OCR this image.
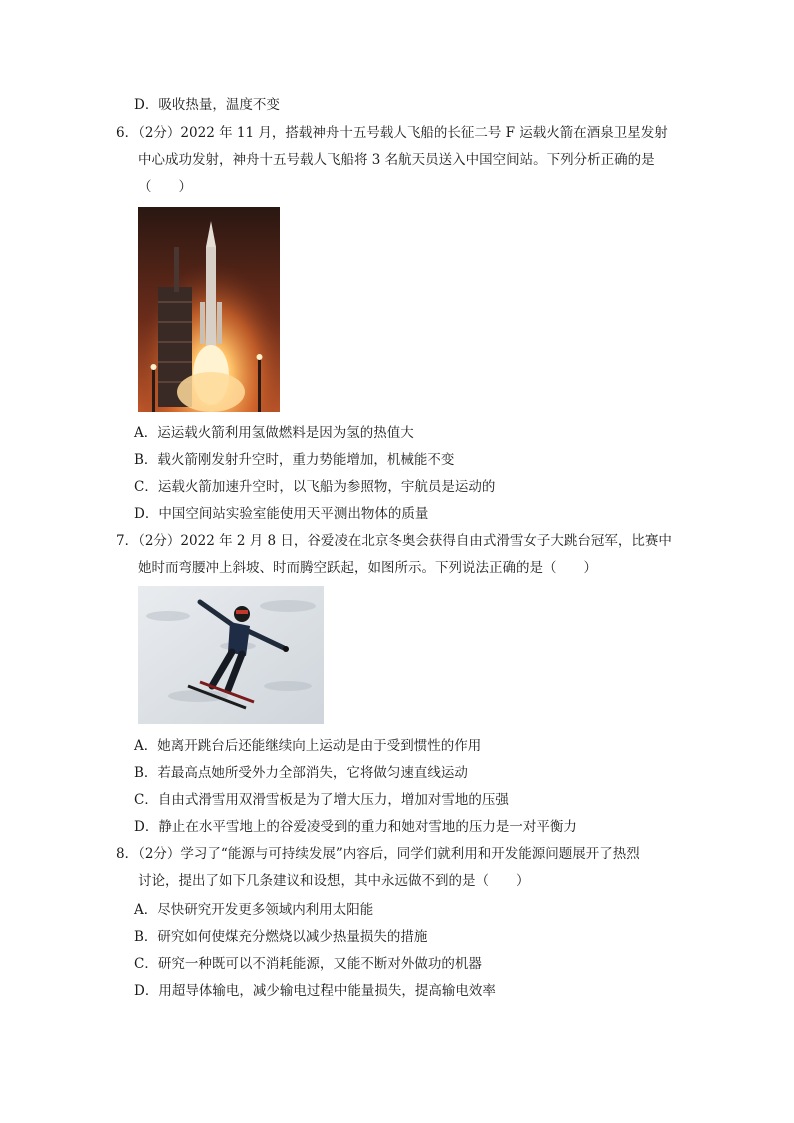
D．吸收热量，温度不变
6．（2分）2022 年 11 月，搭载神舟十五号载人飞船的长征二号 F 运载火箭在酒泉卫星发射
中心成功发射，神舟十五号载人飞船将 3 名航天员送入中国空间站。下列分析正确的是
（　　）
A．运运载火箭利用氢做燃料是因为氢的热值大
B．载火箭刚发射升空时，重力势能增加，机械能不变
C．运载火箭加速升空时，以飞船为参照物，宇航员是运动的
D．中国空间站实验室能使用天平测出物体的质量
7．（2分）2022 年 2 月 8 日，谷爱凌在北京冬奥会获得自由式滑雪女子大跳台冠军，比赛中
她时而弯腰冲上斜坡、时而腾空跃起，如图所示。下列说法正确的是（　　）
A．她离开跳台后还能继续向上运动是由于受到惯性的作用
B．若最高点她所受外力全部消失，它将做匀速直线运动
C．自由式滑雪用双滑雪板是为了增大压力，增加对雪地的压强
D．静止在水平雪地上的谷爱凌受到的重力和她对雪地的压力是一对平衡力
8．（2分）学习了“能源与可持续发展”内容后，同学们就利用和开发能源问题展开了热烈
讨论，提出了如下几条建议和设想，其中永远做不到的是（　　）
A．尽快研究开发更多领域内利用太阳能
B．研究如何使煤充分燃烧以减少热量损失的措施
C．研究一种既可以不消耗能源，又能不断对外做功的机器
D．用超导体输电，减少输电过程中能量损失，提高输电效率
